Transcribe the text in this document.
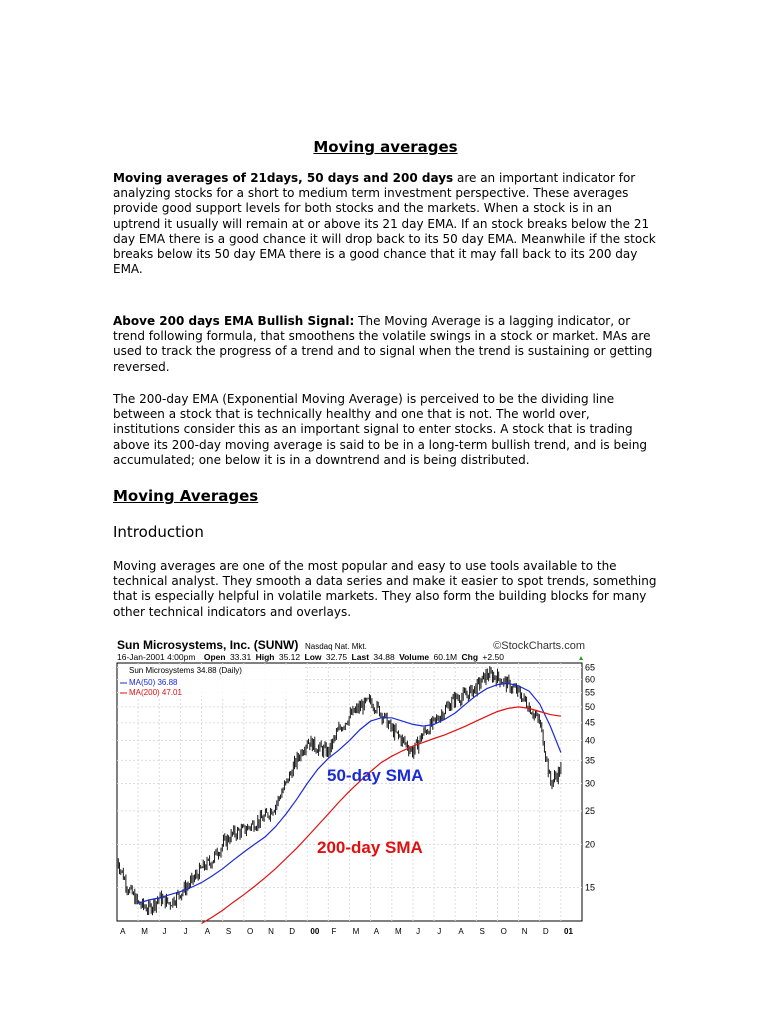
Moving averages

Moving averages of 21days, 50 days and 200 days are an important indicator for analyzing stocks for a short to medium term investment perspective. These averages provide good support levels for both stocks and the markets. When a stock is in an uptrend it usually will remain at or above its 21 day EMA. If an stock breaks below the 21 day EMA there is a good chance it will drop back to its 50 day EMA. Meanwhile if the stock breaks below its 50 day EMA there is a good chance that it may fall back to its 200 day EMA.

Above 200 days EMA Bullish Signal: The Moving Average is a lagging indicator, or trend following formula, that smoothens the volatile swings in a stock or market. MAs are used to track the progress of a trend and to signal when the trend is sustaining or getting reversed.

The 200-day EMA (Exponential Moving Average) is perceived to be the dividing line between a stock that is technically healthy and one that is not. The world over, institutions consider this as an important signal to enter stocks. A stock that is trading above its 200-day moving average is said to be in a long-term bullish trend, and is being accumulated; one below it is in a downtrend and is being distributed.

Moving Averages
Introduction

Moving averages are one of the most popular and easy to use tools available to the technical analyst. They smooth a data series and make it easier to spot trends, something that is especially helpful in volatile markets. They also form the building blocks for many other technical indicators and overlays.

Sun Microsystems, Inc. (SUNW) Nasdaq Nat. Mkt.	©StockCharts.com
16-Jan-2001 4:00pm Open 33.31 High 35.12 Low 32.75 Last 34.88 Volume 60.1M Chg +2.50
15
20
25
30
35
40
45
50
55
60
65
A M J J A S O N D 00 F M A M J J A S O N D 01
Sun Microsystems 34.88 (Daily)
MA(50) 36.88
MA(200) 47.01
50-day SMA
200-day SMA
